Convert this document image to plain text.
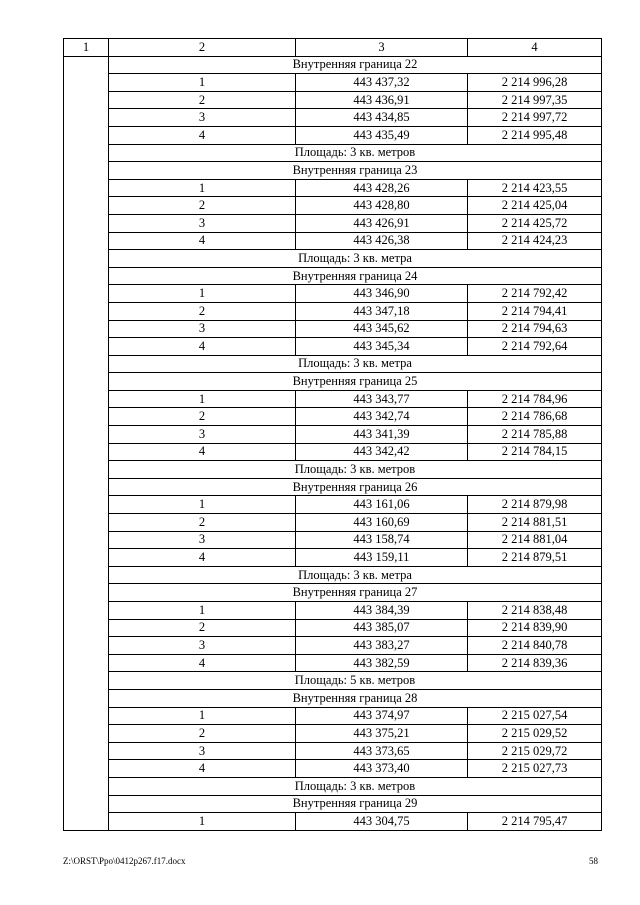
1	2	3	4
	Внутренняя граница 22		
	1	443 437,32	2 214 996,28
	2	443 436,91	2 214 997,35
	3	443 434,85	2 214 997,72
	4	443 435,49	2 214 995,48
	Площадь: 3 кв. метров		
	Внутренняя граница 23		
	1	443 428,26	2 214 423,55
	2	443 428,80	2 214 425,04
	3	443 426,91	2 214 425,72
	4	443 426,38	2 214 424,23
	Площадь: 3 кв. метра		
	Внутренняя граница 24		
	1	443 346,90	2 214 792,42
	2	443 347,18	2 214 794,41
	3	443 345,62	2 214 794,63
	4	443 345,34	2 214 792,64
	Площадь: 3 кв. метра		
	Внутренняя граница 25		
	1	443 343,77	2 214 784,96
	2	443 342,74	2 214 786,68
	3	443 341,39	2 214 785,88
	4	443 342,42	2 214 784,15
	Площадь: 3 кв. метров		
	Внутренняя граница 26		
	1	443 161,06	2 214 879,98
	2	443 160,69	2 214 881,51
	3	443 158,74	2 214 881,04
	4	443 159,11	2 214 879,51
	Площадь: 3 кв. метра		
	Внутренняя граница 27		
	1	443 384,39	2 214 838,48
	2	443 385,07	2 214 839,90
	3	443 383,27	2 214 840,78
	4	443 382,59	2 214 839,36
	Площадь: 5 кв. метров		
	Внутренняя граница 28		
	1	443 374,97	2 215 027,54
	2	443 375,21	2 215 029,52
	3	443 373,65	2 215 029,72
	4	443 373,40	2 215 027,73
	Площадь: 3 кв. метров		
	Внутренняя граница 29		
	1	443 304,75	2 214 795,47
Z:\ORST\Ppo\0412p267.f17.docx	58
